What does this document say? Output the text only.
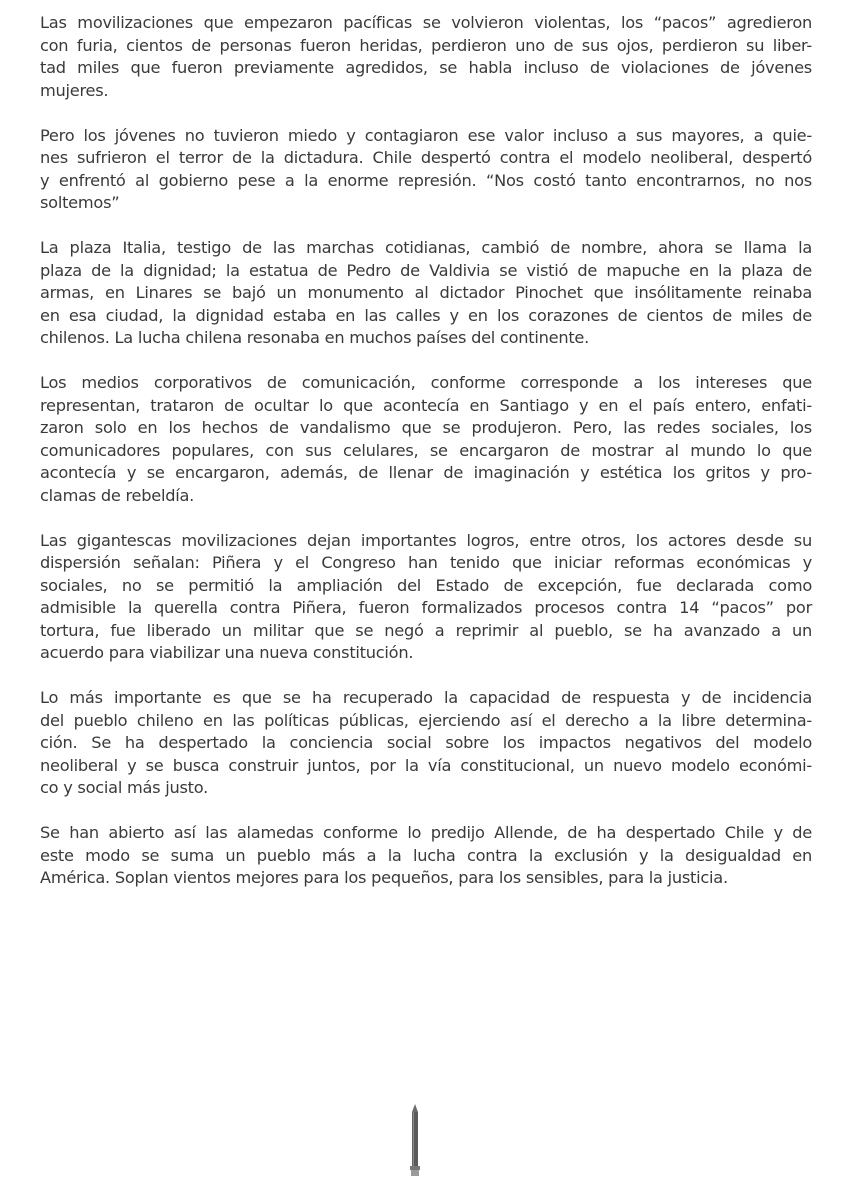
Las movilizaciones que empezaron pacíficas se volvieron violentas, los “pacos” agredieron
con furia, cientos de personas fueron heridas, perdieron uno de sus ojos, perdieron su liber-
tad miles que fueron previamente agredidos, se habla incluso de violaciones de jóvenes
mujeres.
Pero los jóvenes no tuvieron miedo y contagiaron ese valor incluso a sus mayores, a quie-
nes sufrieron el terror de la dictadura. Chile despertó contra el modelo neoliberal, despertó
y enfrentó al gobierno pese a la enorme represión. “Nos costó tanto encontrarnos, no nos
soltemos”
La plaza Italia, testigo de las marchas cotidianas, cambió de nombre, ahora se llama la
plaza de la dignidad; la estatua de Pedro de Valdivia se vistió de mapuche en la plaza de
armas, en Linares se bajó un monumento al dictador Pinochet que insólitamente reinaba
en esa ciudad, la dignidad estaba en las calles y en los corazones de cientos de miles de
chilenos. La lucha chilena resonaba en muchos países del continente.
Los medios corporativos de comunicación, conforme corresponde a los intereses que
representan, trataron de ocultar lo que acontecía en Santiago y en el país entero, enfati-
zaron solo en los hechos de vandalismo que se produjeron. Pero, las redes sociales, los
comunicadores populares, con sus celulares, se encargaron de mostrar al mundo lo que
acontecía y se encargaron, además, de llenar de imaginación y estética los gritos y pro-
clamas de rebeldía.
Las gigantescas movilizaciones dejan importantes logros, entre otros, los actores desde su
dispersión señalan: Piñera y el Congreso han tenido que iniciar reformas económicas y
sociales, no se permitió la ampliación del Estado de excepción, fue declarada como
admisible la querella contra Piñera, fueron formalizados procesos contra 14 “pacos” por
tortura, fue liberado un militar que se negó a reprimir al pueblo, se ha avanzado a un
acuerdo para viabilizar una nueva constitución.
Lo más importante es que se ha recuperado la capacidad de respuesta y de incidencia
del pueblo chileno en las políticas públicas, ejerciendo así el derecho a la libre determina-
ción. Se ha despertado la conciencia social sobre los impactos negativos del modelo
neoliberal y se busca construir juntos, por la vía constitucional, un nuevo modelo económi-
co y social más justo.
Se han abierto así las alamedas conforme lo predijo Allende, de ha despertado Chile y de
este modo se suma un pueblo más a la lucha contra la exclusión y la desigualdad en
América. Soplan vientos mejores para los pequeños, para los sensibles, para la justicia.
